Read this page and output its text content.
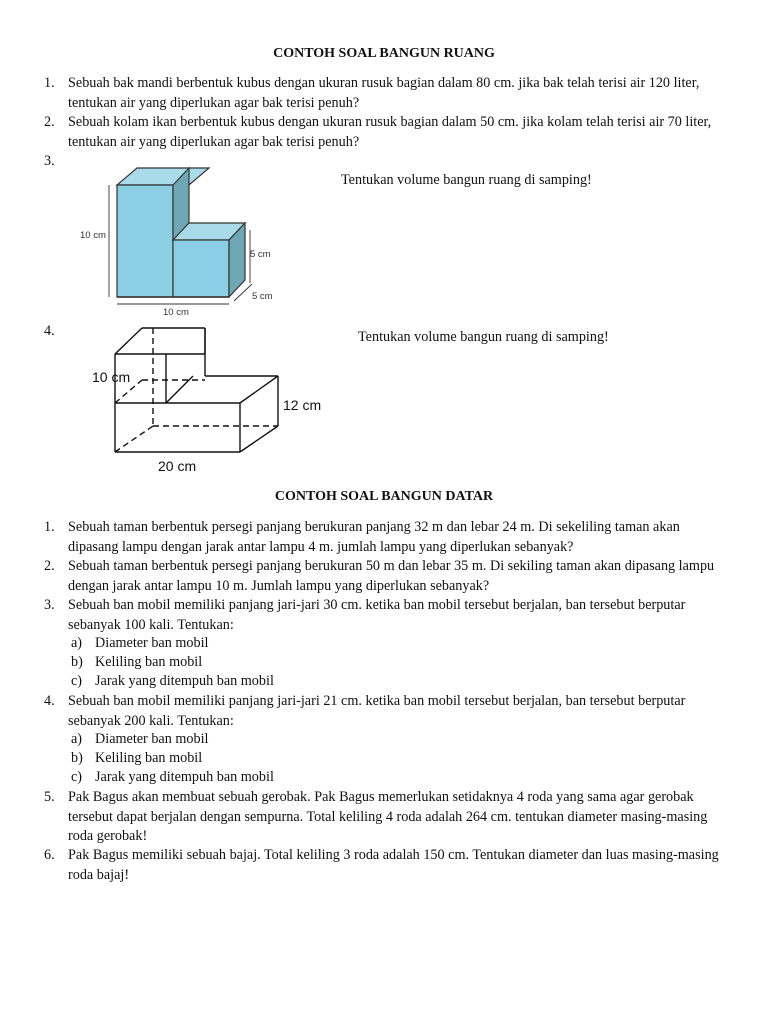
CONTOH SOAL BANGUN RUANG
1. Sebuah bak mandi berbentuk kubus dengan ukuran rusuk bagian dalam 80 cm. jika bak telah terisi air 120 liter, tentukan air yang diperlukan agar bak terisi penuh?
2. Sebuah kolam ikan berbentuk kubus dengan ukuran rusuk bagian dalam 50 cm. jika kolam telah terisi air 70 liter, tentukan air yang diperlukan agar bak terisi penuh?
3.
10 cm
5 cm
5 cm
10 cm
Tentukan volume bangun ruang di samping!
4.
10 cm
12 cm
20 cm
Tentukan volume bangun ruang di samping!
CONTOH SOAL BANGUN DATAR
1. Sebuah taman berbentuk persegi panjang berukuran panjang 32 m dan lebar 24 m. Di sekeliling taman akan dipasang lampu dengan jarak antar lampu 4 m. jumlah lampu yang diperlukan sebanyak?
2. Sebuah taman berbentuk persegi panjang berukuran 50 m dan lebar 35 m. Di sekiling taman akan dipasang lampu dengan jarak antar lampu 10 m. Jumlah lampu yang diperlukan sebanyak?
3. Sebuah ban mobil memiliki panjang jari-jari 30 cm. ketika ban mobil tersebut berjalan, ban tersebut berputar sebanyak 100 kali. Tentukan:
a) Diameter ban mobil
b) Keliling ban mobil
c) Jarak yang ditempuh ban mobil
4. Sebuah ban mobil memiliki panjang jari-jari 21 cm. ketika ban mobil tersebut berjalan, ban tersebut berputar sebanyak 200 kali. Tentukan:
a) Diameter ban mobil
b) Keliling ban mobil
c) Jarak yang ditempuh ban mobil
5. Pak Bagus akan membuat sebuah gerobak. Pak Bagus memerlukan setidaknya 4 roda yang sama agar gerobak tersebut dapat berjalan dengan sempurna. Total keliling 4 roda adalah 264 cm. tentukan diameter masing-masing roda gerobak!
6. Pak Bagus memiliki sebuah bajaj. Total keliling 3 roda adalah 150 cm. Tentukan diameter dan luas masing-masing roda bajaj!
